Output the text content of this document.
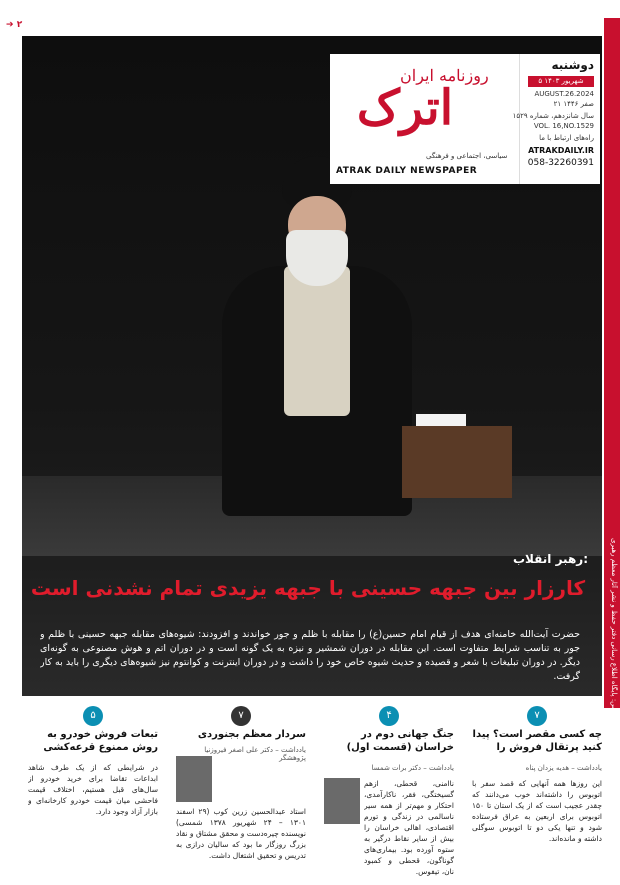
➔ ۲
عکس: پایگاه اطلاع رسانی دفتر حفظ و نشر آثار معظم رهبری
روزنامه ایران
اترک
سیاسی، اجتماعی و فرهنگی
ATRAK DAILY NEWSPAPER
دوشنبه
۵ شهریور ۱۴۰۳
AUGUST.26.2024
۲۱ صفر ۱۴۴۶
سال شانزدهم، شماره ۱۵۲۹
VOL. 16,NO.1529
راه‌های ارتباط با ما
ATRAKDAILY.IR
058-32260391
رهبر انقلاب:
کارزار بین جبهه حسینی با جبهه یزیدی تمام نشدنی است
حضرت آیت‌الله خامنه‌ای هدف از قیام امام حسین(ع) را مقابله با ظلم و جور خواندند و افزودند: شیوه‌های مقابله جبهه حسینی با ظلم و جور به تناسب شرایط متفاوت است. این مقابله در دوران شمشیر و نیزه به یک گونه است و در دوران اتم و هوش مصنوعی به گونه‌ای دیگر. در دوران تبلیغات با شعر و قصیده و حدیث شیوه خاص خود را داشت و در دوران اینترنت و کوانتوم نیز شیوه‌های دیگری را باید به کار گرفت.
۷
چه کسی مقصر است؟ پیدا کنید پرتقال فروش را
یادداشت – هدیه یزدان پناه
این روزها همه آنهایی که قصد سفر با اتوبوس را داشته‌اند خوب می‌دانند که چقدر عجیب است که از یک استان تا ۱۵۰ اتوبوس برای اربعین به عراق فرستاده شود و تنها یکی دو تا اتوبوس سوگلی داشته و مانده‌اند.
۴
جنگ جهانی دوم در خراسان (قسمت اول)
یادداشت – دکتر برات شمسا
ناامنی، قحطی، ازهم گسیختگی، فقر، ناکارآمدی، احتکار و مهم‌تر از همه سیر ناسالمی در زندگی و تورم اقتصادی، اهالی خراسان را بیش از سایر نقاط درگیر به ستوه آورده بود. بیماری‌های گوناگون، قحطی و کمبود نان، تیفوس.
۷
سردار معظم بجنوردی
یادداشت – دکتر علی اصغر فیروزنیا پژوهشگر
استاد عبدالحسین زرین کوب (۲۹ اسفند ۱۳۰۱ – ۲۴ شهریور ۱۳۷۸ شمسی) نویسنده چیره‌دست و محقق مشتاق و نقاد بزرگ روزگار ما بود که سالیان درازی به تدریس و تحقیق اشتغال داشت.
۵
تبعات فروش خودرو به روش ممنوع قرعه‌کشی
در شرایطی که از یک طرف شاهد ابداعات تقاضا برای خرید خودرو از سال‌های قبل هستیم، اختلاف قیمت فاحشی میان قیمت خودرو کارخانه‌ای و بازار آزاد وجود دارد.
